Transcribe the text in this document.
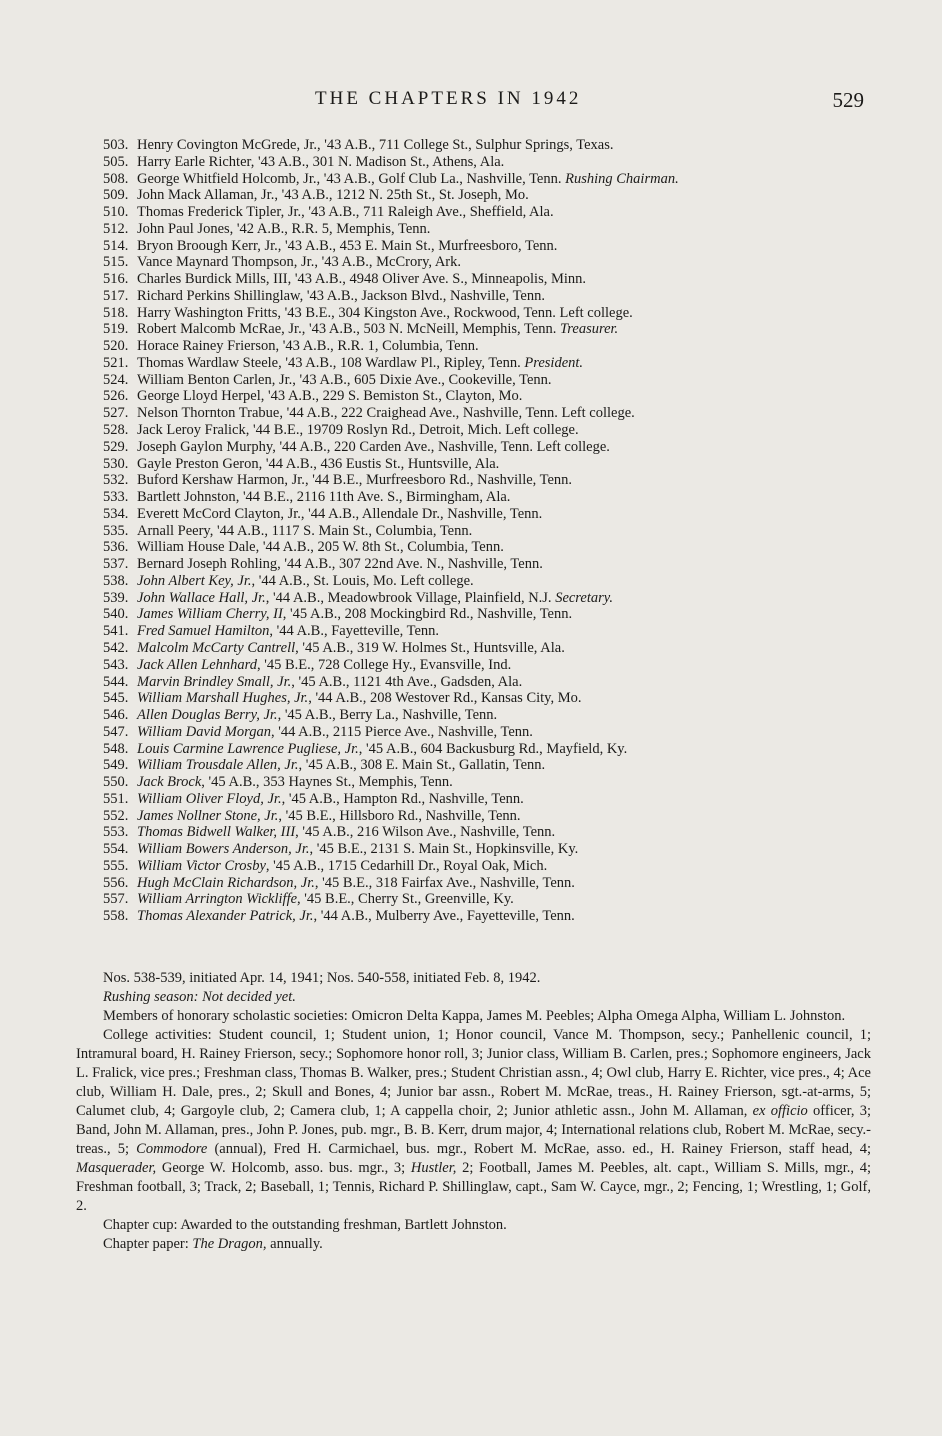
THE CHAPTERS IN 1942	529
503. Henry Covington McGrede, Jr., '43 A.B., 711 College St., Sulphur Springs, Texas.
505. Harry Earle Richter, '43 A.B., 301 N. Madison St., Athens, Ala.
508. George Whitfield Holcomb, Jr., '43 A.B., Golf Club La., Nashville, Tenn. Rushing Chairman.
509. John Mack Allaman, Jr., '43 A.B., 1212 N. 25th St., St. Joseph, Mo.
510. Thomas Frederick Tipler, Jr., '43 A.B., 711 Raleigh Ave., Sheffield, Ala.
512. John Paul Jones, '42 A.B., R.R. 5, Memphis, Tenn.
514. Bryon Broough Kerr, Jr., '43 A.B., 453 E. Main St., Murfreesboro, Tenn.
515. Vance Maynard Thompson, Jr., '43 A.B., McCrory, Ark.
516. Charles Burdick Mills, III, '43 A.B., 4948 Oliver Ave. S., Minneapolis, Minn.
517. Richard Perkins Shillinglaw, '43 A.B., Jackson Blvd., Nashville, Tenn.
518. Harry Washington Fritts, '43 B.E., 304 Kingston Ave., Rockwood, Tenn. Left college.
519. Robert Malcomb McRae, Jr., '43 A.B., 503 N. McNeill, Memphis, Tenn. Treasurer.
520. Horace Rainey Frierson, '43 A.B., R.R. 1, Columbia, Tenn.
521. Thomas Wardlaw Steele, '43 A.B., 108 Wardlaw Pl., Ripley, Tenn. President.
524. William Benton Carlen, Jr., '43 A.B., 605 Dixie Ave., Cookeville, Tenn.
526. George Lloyd Herpel, '43 A.B., 229 S. Bemiston St., Clayton, Mo.
527. Nelson Thornton Trabue, '44 A.B., 222 Craighead Ave., Nashville, Tenn. Left college.
528. Jack Leroy Fralick, '44 B.E., 19709 Roslyn Rd., Detroit, Mich. Left college.
529. Joseph Gaylon Murphy, '44 A.B., 220 Carden Ave., Nashville, Tenn. Left college.
530. Gayle Preston Geron, '44 A.B., 436 Eustis St., Huntsville, Ala.
532. Buford Kershaw Harmon, Jr., '44 B.E., Murfreesboro Rd., Nashville, Tenn.
533. Bartlett Johnston, '44 B.E., 2116 11th Ave. S., Birmingham, Ala.
534. Everett McCord Clayton, Jr., '44 A.B., Allendale Dr., Nashville, Tenn.
535. Arnall Peery, '44 A.B., 1117 S. Main St., Columbia, Tenn.
536. William House Dale, '44 A.B., 205 W. 8th St., Columbia, Tenn.
537. Bernard Joseph Rohling, '44 A.B., 307 22nd Ave. N., Nashville, Tenn.
538. John Albert Key, Jr., '44 A.B., St. Louis, Mo. Left college.
539. John Wallace Hall, Jr., '44 A.B., Meadowbrook Village, Plainfield, N.J. Secretary.
540. James William Cherry, II, '45 A.B., 208 Mockingbird Rd., Nashville, Tenn.
541. Fred Samuel Hamilton, '44 A.B., Fayetteville, Tenn.
542. Malcolm McCarty Cantrell, '45 A.B., 319 W. Holmes St., Huntsville, Ala.
543. Jack Allen Lehnhard, '45 B.E., 728 College Hy., Evansville, Ind.
544. Marvin Brindley Small, Jr., '45 A.B., 1121 4th Ave., Gadsden, Ala.
545. William Marshall Hughes, Jr., '44 A.B., 208 Westover Rd., Kansas City, Mo.
546. Allen Douglas Berry, Jr., '45 A.B., Berry La., Nashville, Tenn.
547. William David Morgan, '44 A.B., 2115 Pierce Ave., Nashville, Tenn.
548. Louis Carmine Lawrence Pugliese, Jr., '45 A.B., 604 Backusburg Rd., Mayfield, Ky.
549. William Trousdale Allen, Jr., '45 A.B., 308 E. Main St., Gallatin, Tenn.
550. Jack Brock, '45 A.B., 353 Haynes St., Memphis, Tenn.
551. William Oliver Floyd, Jr., '45 A.B., Hampton Rd., Nashville, Tenn.
552. James Nollner Stone, Jr., '45 B.E., Hillsboro Rd., Nashville, Tenn.
553. Thomas Bidwell Walker, III, '45 A.B., 216 Wilson Ave., Nashville, Tenn.
554. William Bowers Anderson, Jr., '45 B.E., 2131 S. Main St., Hopkinsville, Ky.
555. William Victor Crosby, '45 A.B., 1715 Cedarhill Dr., Royal Oak, Mich.
556. Hugh McClain Richardson, Jr., '45 B.E., 318 Fairfax Ave., Nashville, Tenn.
557. William Arrington Wickliffe, '45 B.E., Cherry St., Greenville, Ky.
558. Thomas Alexander Patrick, Jr., '44 A.B., Mulberry Ave., Fayetteville, Tenn.

Nos. 538-539, initiated Apr. 14, 1941; Nos. 540-558, initiated Feb. 8, 1942.

Rushing season: Not decided yet.

Members of honorary scholastic societies: Omicron Delta Kappa, James M. Peebles; Alpha Omega Alpha, William L. Johnston.

College activities: Student council, 1; Student union, 1; Honor council, Vance M. Thompson, secy.; Panhellenic council, 1; Intramural board, H. Rainey Frierson, secy.; Sophomore honor roll, 3; Junior class, William B. Carlen, pres.; Sophomore engineers, Jack L. Fralick, vice pres.; Freshman class, Thomas B. Walker, pres.; Student Christian assn., 4; Owl club, Harry E. Richter, vice pres., 4; Ace club, William H. Dale, pres., 2; Skull and Bones, 4; Junior bar assn., Robert M. McRae, treas., H. Rainey Frierson, sgt.-at-arms, 5; Calumet club, 4; Gargoyle club, 2; Camera club, 1; A cappella choir, 2; Junior athletic assn., John M. Allaman, ex officio officer, 3; Band, John M. Allaman, pres., John P. Jones, pub. mgr., B. B. Kerr, drum major, 4; International relations club, Robert M. McRae, secy.-treas., 5; Commodore (annual), Fred H. Carmichael, bus. mgr., Robert M. McRae, asso. ed., H. Rainey Frierson, staff head, 4; Masquerader, George W. Holcomb, asso. bus. mgr., 3; Hustler, 2; Football, James M. Peebles, alt. capt., William S. Mills, mgr., 4; Freshman football, 3; Track, 2; Baseball, 1; Tennis, Richard P. Shillinglaw, capt., Sam W. Cayce, mgr., 2; Fencing, 1; Wrestling, 1; Golf, 2.

Chapter cup: Awarded to the outstanding freshman, Bartlett Johnston.

Chapter paper: The Dragon, annually.
